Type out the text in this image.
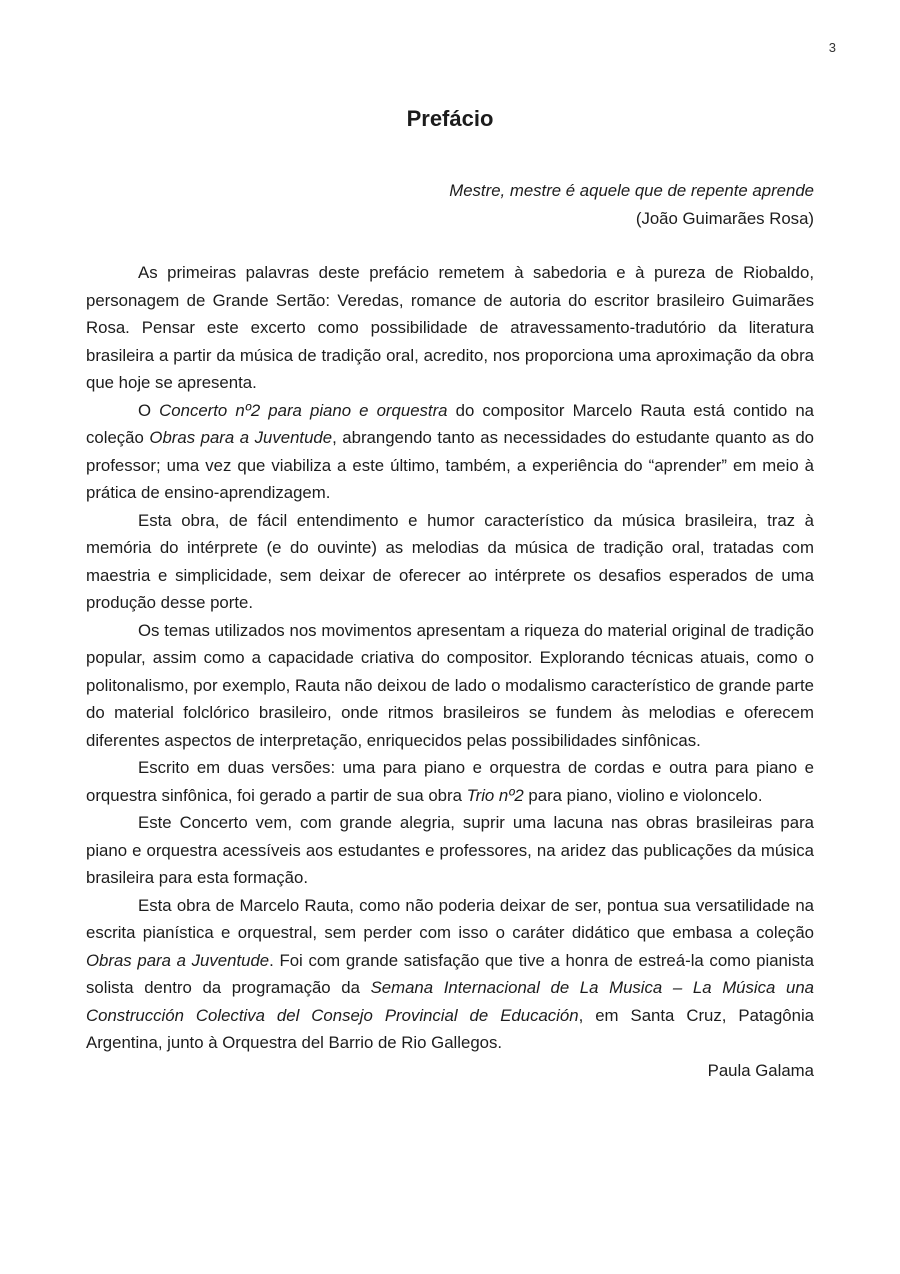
3
Prefácio
Mestre, mestre é aquele que de repente aprende
(João Guimarães Rosa)

As primeiras palavras deste prefácio remetem à sabedoria e à pureza de Riobaldo, personagem de Grande Sertão: Veredas, romance de autoria do escritor brasileiro Guimarães Rosa. Pensar este excerto como possibilidade de atravessamento-tradutório da literatura brasileira a partir da música de tradição oral, acredito, nos proporciona uma aproximação da obra que hoje se apresenta.

O Concerto nº2 para piano e orquestra do compositor Marcelo Rauta está contido na coleção Obras para a Juventude, abrangendo tanto as necessidades do estudante quanto as do professor; uma vez que viabiliza a este último, também, a experiência do “aprender” em meio à prática de ensino-aprendizagem.

Esta obra, de fácil entendimento e humor característico da música brasileira, traz à memória do intérprete (e do ouvinte) as melodias da música de tradição oral, tratadas com maestria e simplicidade, sem deixar de oferecer ao intérprete os desafios esperados de uma produção desse porte.

Os temas utilizados nos movimentos apresentam a riqueza do material original de tradição popular, assim como a capacidade criativa do compositor. Explorando técnicas atuais, como o politonalismo, por exemplo, Rauta não deixou de lado o modalismo característico de grande parte do material folclórico brasileiro, onde ritmos brasileiros se fundem às melodias e oferecem diferentes aspectos de interpretação, enriquecidos pelas possibilidades sinfônicas.

Escrito em duas versões: uma para piano e orquestra de cordas e outra para piano e orquestra sinfônica, foi gerado a partir de sua obra Trio nº2 para piano, violino e violoncelo.

Este Concerto vem, com grande alegria, suprir uma lacuna nas obras brasileiras para piano e orquestra acessíveis aos estudantes e professores, na aridez das publicações da música brasileira para esta formação.

Esta obra de Marcelo Rauta, como não poderia deixar de ser, pontua sua versatilidade na escrita pianística e orquestral, sem perder com isso o caráter didático que embasa a coleção Obras para a Juventude. Foi com grande satisfação que tive a honra de estreá-la como pianista solista dentro da programação da Semana Internacional de La Musica – La Música una Construcción Colectiva del Consejo Provincial de Educación, em Santa Cruz, Patagônia Argentina, junto à Orquestra del Barrio de Rio Gallegos.

Paula Galama
